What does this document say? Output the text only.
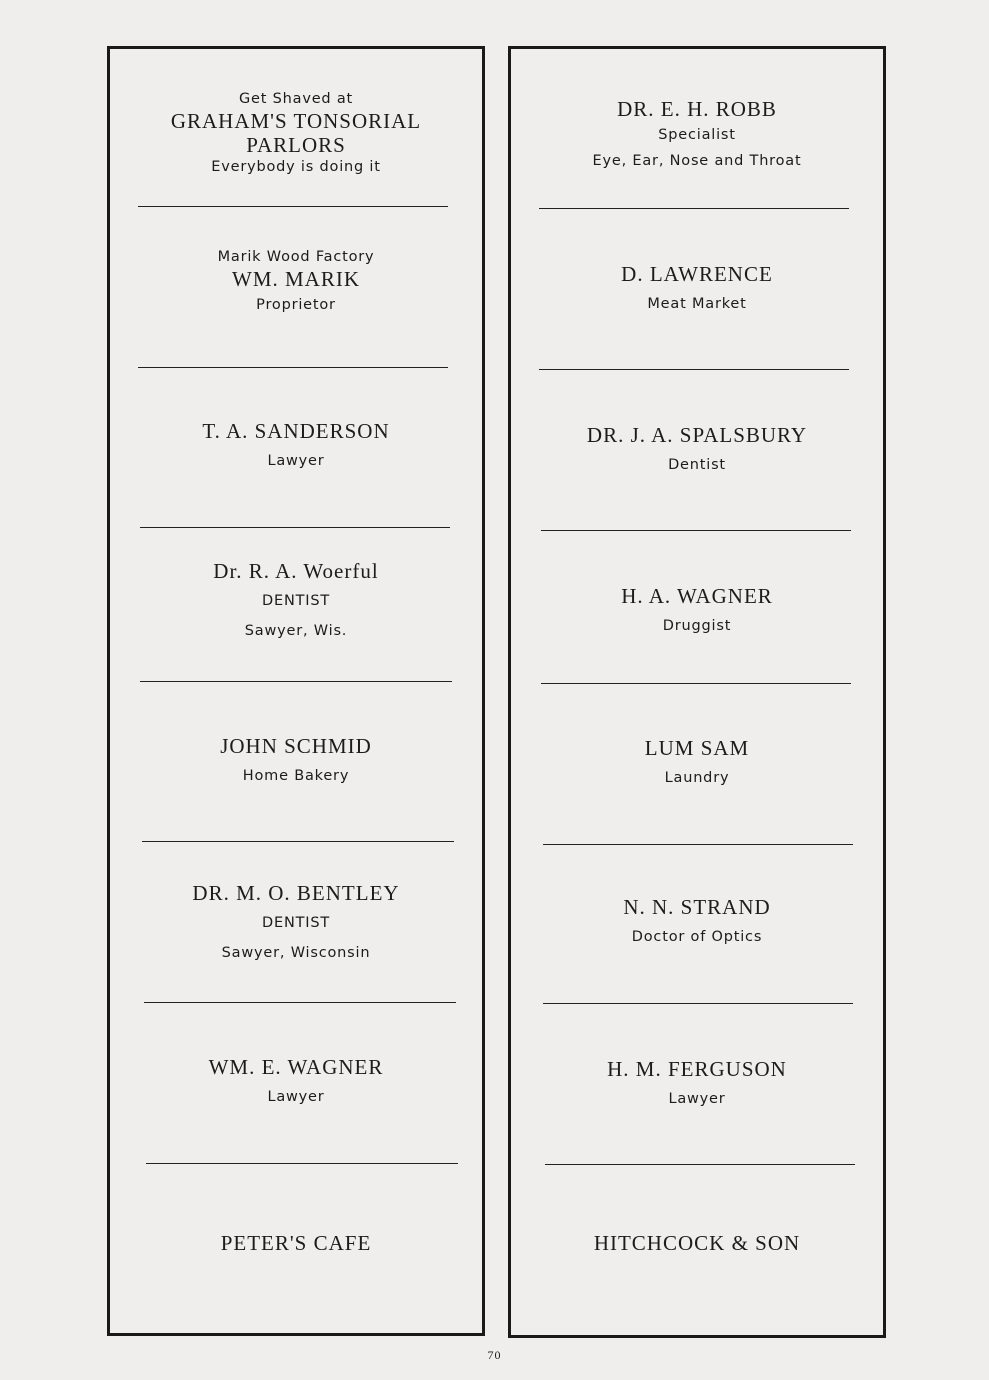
Get Shaved at
GRAHAM'S TONSORIAL
PARLORS
Everybody is doing it
Marik Wood Factory
WM. MARIK
Proprietor
T. A. SANDERSON
Lawyer
Dr. R. A. Woerful
DENTIST
Sawyer, Wis.
JOHN SCHMID
Home Bakery
DR. M. O. BENTLEY
DENTIST
Sawyer, Wisconsin
WM. E. WAGNER
Lawyer
PETER'S CAFE
DR. E. H. ROBB
Specialist
Eye, Ear, Nose and Throat
D. LAWRENCE
Meat Market
DR. J. A. SPALSBURY
Dentist
H. A. WAGNER
Druggist
LUM SAM
Laundry
N. N. STRAND
Doctor of Optics
H. M. FERGUSON
Lawyer
HITCHCOCK & SON
70
